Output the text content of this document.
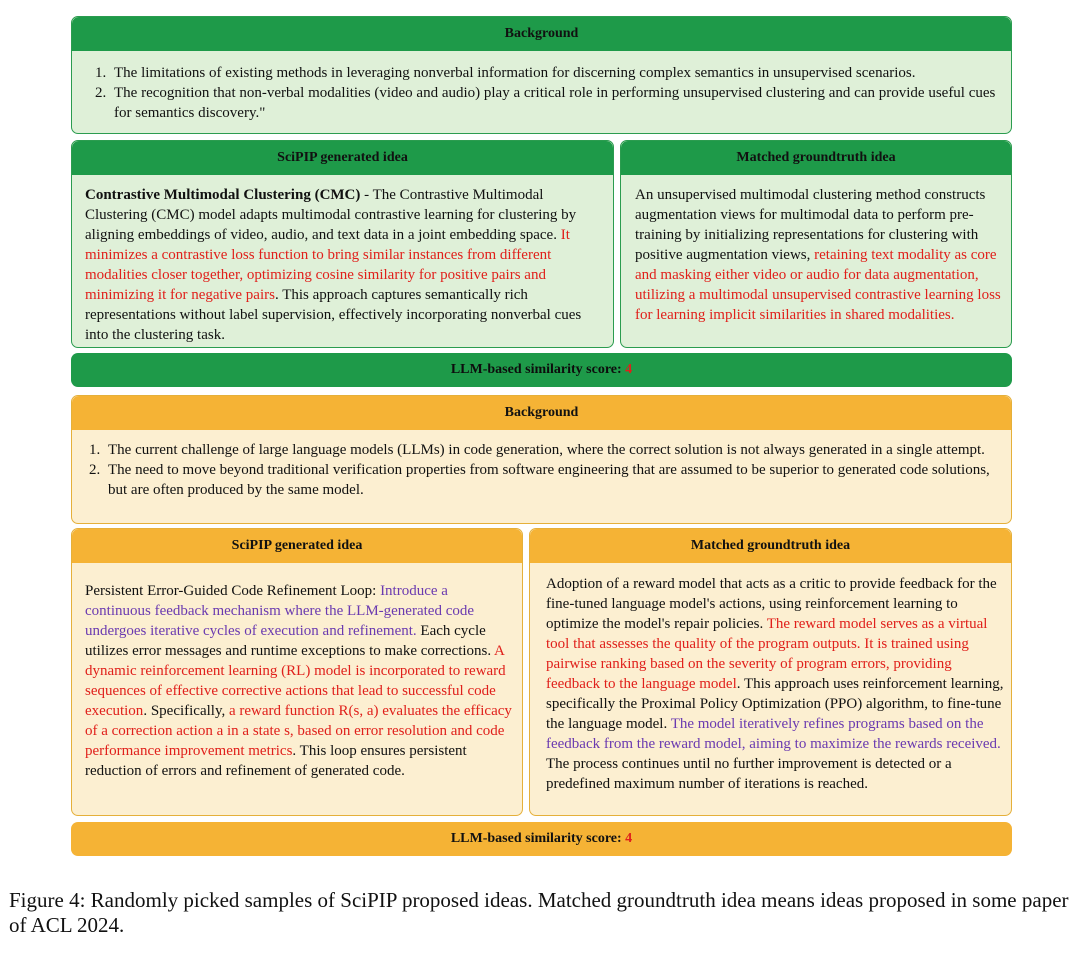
Background
1. The limitations of existing methods in leveraging nonverbal information for discerning complex semantics in unsupervised scenarios.
2. The recognition that non-verbal modalities (video and audio) play a critical role in performing unsupervised clustering and can provide useful cues for semantics discovery."
SciPIP generated idea
Contrastive Multimodal Clustering (CMC) - The Contrastive Multimodal Clustering (CMC) model adapts multimodal contrastive learning for clustering by aligning embeddings of video, audio, and text data in a joint embedding space. It minimizes a contrastive loss function to bring similar instances from different modalities closer together, optimizing cosine similarity for positive pairs and minimizing it for negative pairs. This approach captures semantically rich representations without label supervision, effectively incorporating nonverbal cues into the clustering task.
Matched groundtruth idea
An unsupervised multimodal clustering method constructs augmentation views for multimodal data to perform pre-training by initializing representations for clustering with positive augmentation views, retaining text modality as core and masking either video or audio for data augmentation, utilizing a multimodal unsupervised contrastive learning loss for learning implicit similarities in shared modalities.
LLM-based similarity score: 4
Background
1. The current challenge of large language models (LLMs) in code generation, where the correct solution is not always generated in a single attempt.
2. The need to move beyond traditional verification properties from software engineering that are assumed to be superior to generated code solutions, but are often produced by the same model.
SciPIP generated idea
Persistent Error-Guided Code Refinement Loop: Introduce a continuous feedback mechanism where the LLM-generated code undergoes iterative cycles of execution and refinement. Each cycle utilizes error messages and runtime exceptions to make corrections. A dynamic reinforcement learning (RL) model is incorporated to reward sequences of effective corrective actions that lead to successful code execution. Specifically, a reward function R(s, a) evaluates the efficacy of a correction action a in a state s, based on error resolution and code performance improvement metrics. This loop ensures persistent reduction of errors and refinement of generated code.
Matched groundtruth idea
Adoption of a reward model that acts as a critic to provide feedback for the fine-tuned language model's actions, using reinforcement learning to optimize the model's repair policies. The reward model serves as a virtual tool that assesses the quality of the program outputs. It is trained using pairwise ranking based on the severity of program errors, providing feedback to the language model. This approach uses reinforcement learning, specifically the Proximal Policy Optimization (PPO) algorithm, to fine-tune the language model. The model iteratively refines programs based on the feedback from the reward model, aiming to maximize the rewards received. The process continues until no further improvement is detected or a predefined maximum number of iterations is reached.
LLM-based similarity score: 4
Figure 4: Randomly picked samples of SciPIP proposed ideas. Matched groundtruth idea means ideas proposed in some paper of ACL 2024.
